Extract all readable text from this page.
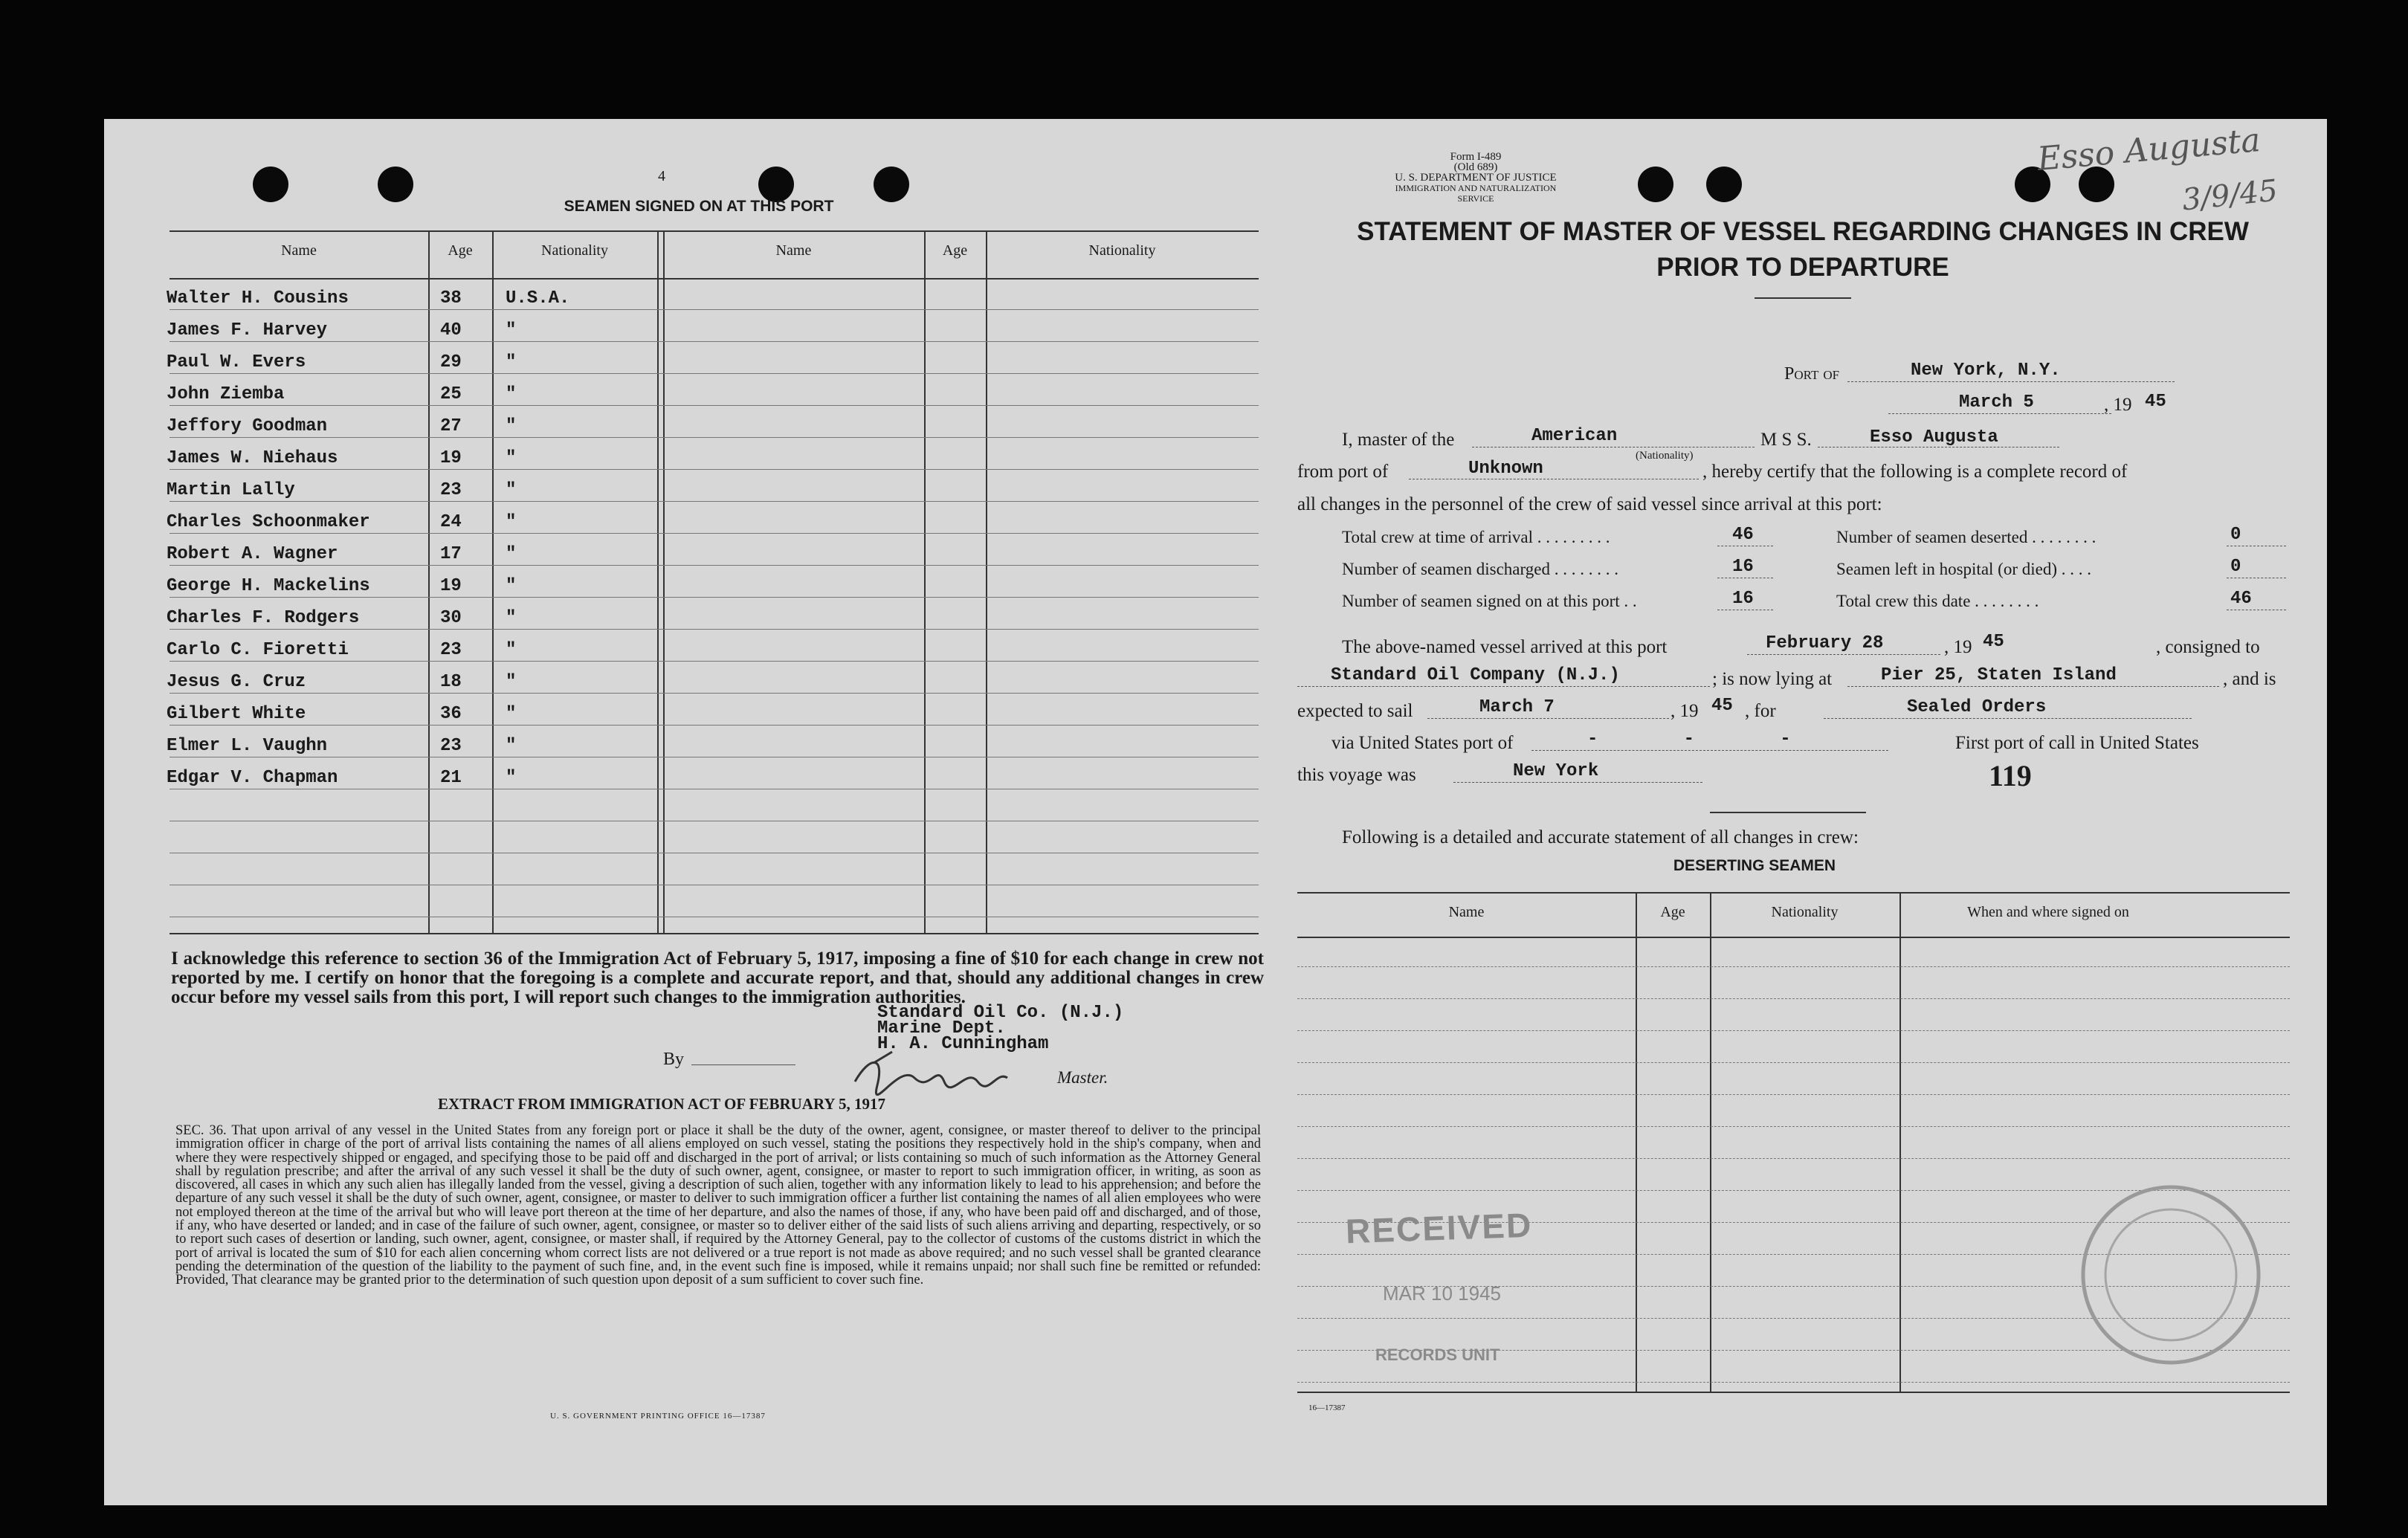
4
SEAMEN SIGNED ON AT THIS PORT
Name	Age	Nationality	Name	Age	Nationality
Walter H. Cousins	38	U.S.A.
James F. Harvey	40	"
Paul W. Evers	29	"
John Ziemba	25	"
Jeffory Goodman	27	"
James W. Niehaus	19	"
Martin Lally	23	"
Charles Schoonmaker	24	"
Robert A. Wagner	17	"
George H. Mackelins	19	"
Charles F. Rodgers	30	"
Carlo C. Fioretti	23	"
Jesus G. Cruz	18	"
Gilbert White	36	"
Elmer L. Vaughn	23	"
Edgar V. Chapman	21	"
I acknowledge this reference to section 36 of the Immigration Act of February 5, 1917, imposing a fine of $10 for each change in crew not reported by me. I certify on honor that the foregoing is a complete and accurate report, and that, should any additional changes in crew occur before my vessel sails from this port, I will report such changes to the immigration authorities.
Standard Oil Co. (N.J.)
Marine Dept.
H. A. Cunningham
By
Master.
EXTRACT FROM IMMIGRATION ACT OF FEBRUARY 5, 1917
SEC. 36. That upon arrival of any vessel in the United States from any foreign port or place it shall be the duty of the owner, agent, consignee, or master thereof to deliver to the principal immigration officer in charge of the port of arrival lists containing the names of all aliens employed on such vessel, stating the positions they respectively hold in the ship's company, when and where they were respectively shipped or engaged, and specifying those to be paid off and discharged in the port of arrival; or lists containing so much of such information as the Attorney General shall by regulation prescribe; and after the arrival of any such vessel it shall be the duty of such owner, agent, consignee, or master to report to such immigration officer, in writing, as soon as discovered, all cases in which any such alien has illegally landed from the vessel, giving a description of such alien, together with any information likely to lead to his apprehension; and before the departure of any such vessel it shall be the duty of such owner, agent, consignee, or master to deliver to such immigration officer a further list containing the names of all alien employees who were not employed thereon at the time of the arrival but who will leave port thereon at the time of her departure, and also the names of those, if any, who have been paid off and discharged, and of those, if any, who have deserted or landed; and in case of the failure of such owner, agent, consignee, or master so to deliver either of the said lists of such aliens arriving and departing, respectively, or so to report such cases of desertion or landing, such owner, agent, consignee, or master shall, if required by the Attorney General, pay to the collector of customs of the customs district in which the port of arrival is located the sum of $10 for each alien concerning whom correct lists are not delivered or a true report is not made as above required; and no such vessel shall be granted clearance pending the determination of the question of the liability to the payment of such fine, and, in the event such fine is imposed, while it remains unpaid; nor shall such fine be remitted or refunded: Provided, That clearance may be granted prior to the determination of such question upon deposit of a sum sufficient to cover such fine.
U. S. GOVERNMENT PRINTING OFFICE 16—17387
Form I-489
(Old 689)
U. S. DEPARTMENT OF JUSTICE
IMMIGRATION AND NATURALIZATION SERVICE
Esso Augusta
3/9/45
STATEMENT OF MASTER OF VESSEL REGARDING CHANGES IN CREW
PRIOR TO DEPARTURE
Port of	New York, N.Y.
March 5	, 19 45
I, master of the	American
(Nationality)
M S S.	Esso Augusta
from port of	Unknown	, hereby certify that the following is a complete record of
all changes in the personnel of the crew of said vessel since arrival at this port:
Total crew at time of arrival . . . . . . . . .	46
Number of seamen discharged . . . . . . . .	16
Number of seamen signed on at this port . .	16
Number of seamen deserted . . . . . . . .	0
Seamen left in hospital (or died) . . . .	0
Total crew this date . . . . . . . .	46
The above-named vessel arrived at this port	February 28	, 19 45	, consigned to
Standard Oil Company (N.J.)	; is now lying at	Pier 25, Staten Island	, and is
expected to sail	March 7	, 19 45 , for	Sealed Orders
via United States port of	-        -        -	First port of call in United States
this voyage was	New York	119
Following is a detailed and accurate statement of all changes in crew:
DESERTING SEAMEN
Name	Age	Nationality	When and where signed on
RECEIVED
MAR 10 1945
RECORDS UNIT
16—17387
